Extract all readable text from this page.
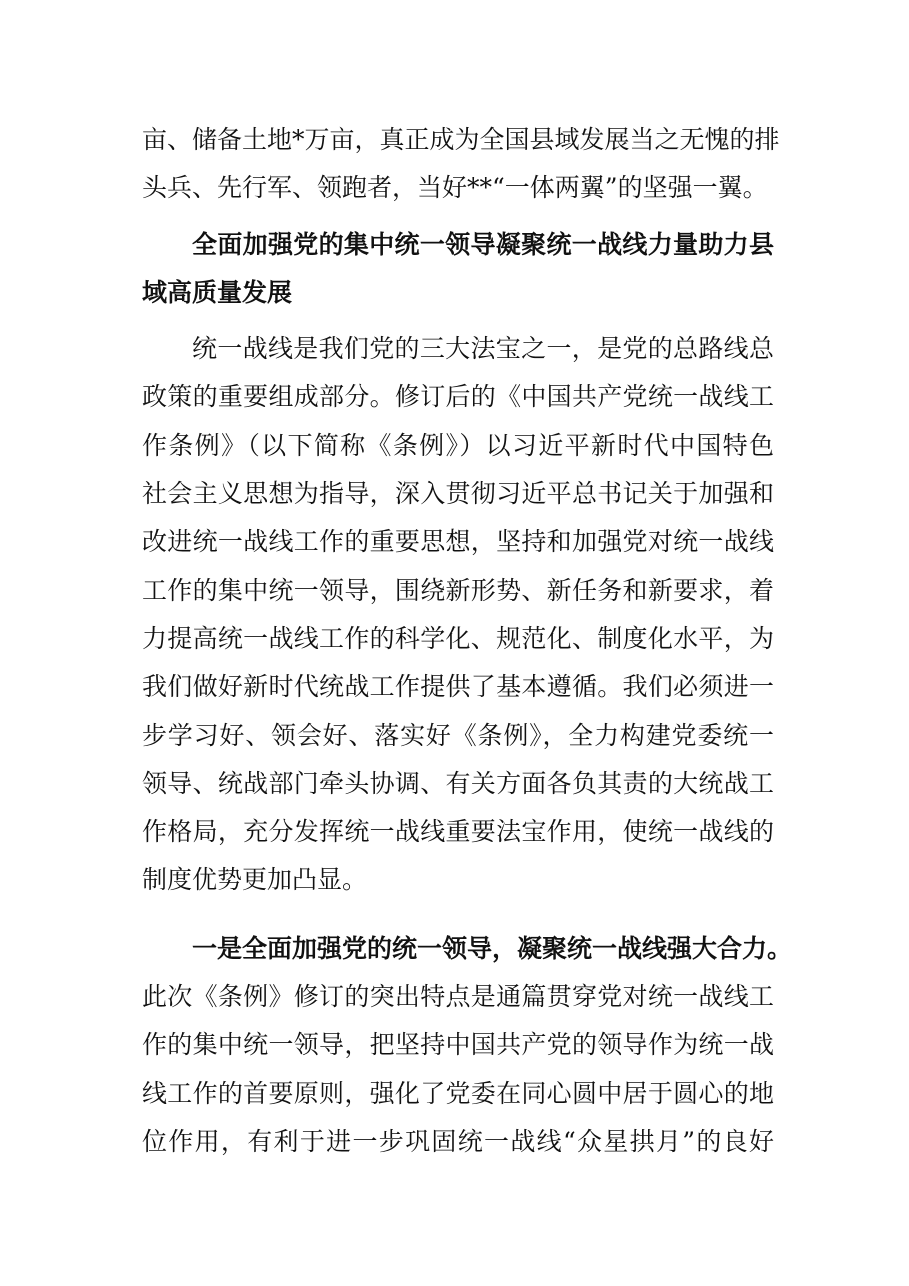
亩、储备土地*万亩，真正成为全国县域发展当之无愧的排
头兵、先行军、领跑者，当好**“一体两翼”的坚强一翼。
全面加强党的集中统一领导凝聚统一战线力量助力县
域高质量发展
统一战线是我们党的三大法宝之一，是党的总路线总
政策的重要组成部分。修订后的《中国共产党统一战线工
作条例》（以下简称《条例》）以习近平新时代中国特色
社会主义思想为指导，深入贯彻习近平总书记关于加强和
改进统一战线工作的重要思想，坚持和加强党对统一战线
工作的集中统一领导，围绕新形势、新任务和新要求，着
力提高统一战线工作的科学化、规范化、制度化水平，为
我们做好新时代统战工作提供了基本遵循。我们必须进一
步学习好、领会好、落实好《条例》，全力构建党委统一
领导、统战部门牵头协调、有关方面各负其责的大统战工
作格局，充分发挥统一战线重要法宝作用，使统一战线的
制度优势更加凸显。
一是全面加强党的统一领导，凝聚统一战线强大合力。
此次《条例》修订的突出特点是通篇贯穿党对统一战线工
作的集中统一领导，把坚持中国共产党的领导作为统一战
线工作的首要原则，强化了党委在同心圆中居于圆心的地
位作用，有利于进一步巩固统一战线“众星拱月”的良好
